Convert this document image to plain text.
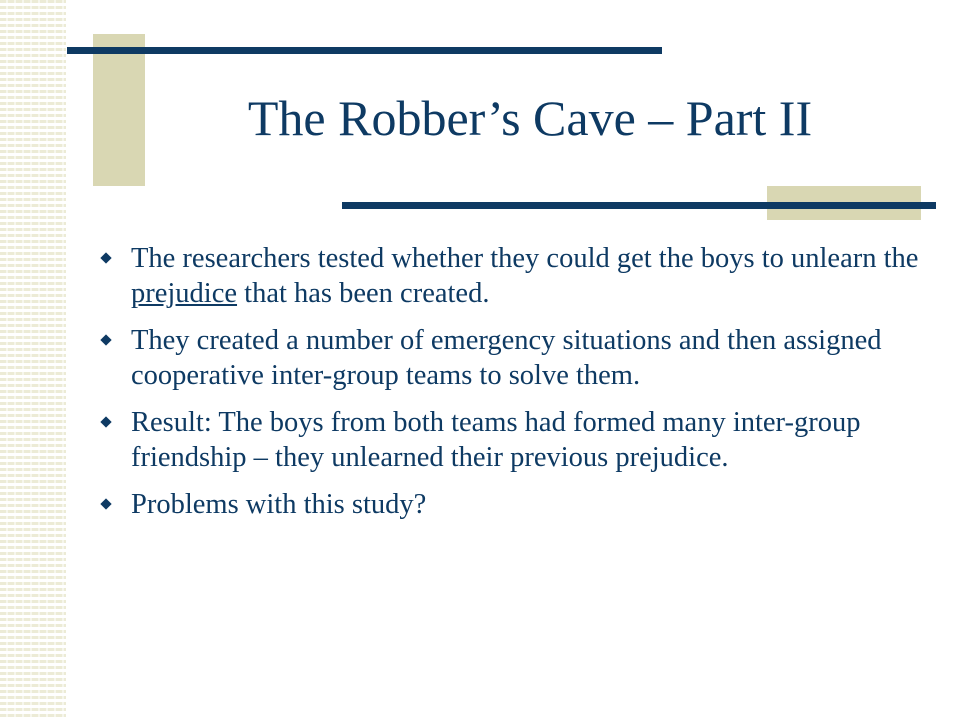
The Robber’s Cave – Part II
The researchers tested whether they could get the boys to unlearn the prejudice that has been created.
They created a number of emergency situations and then assigned cooperative inter-group teams to solve them.
Result: The boys from both teams had formed many inter-group friendship – they unlearned their previous prejudice.
Problems with this study?
